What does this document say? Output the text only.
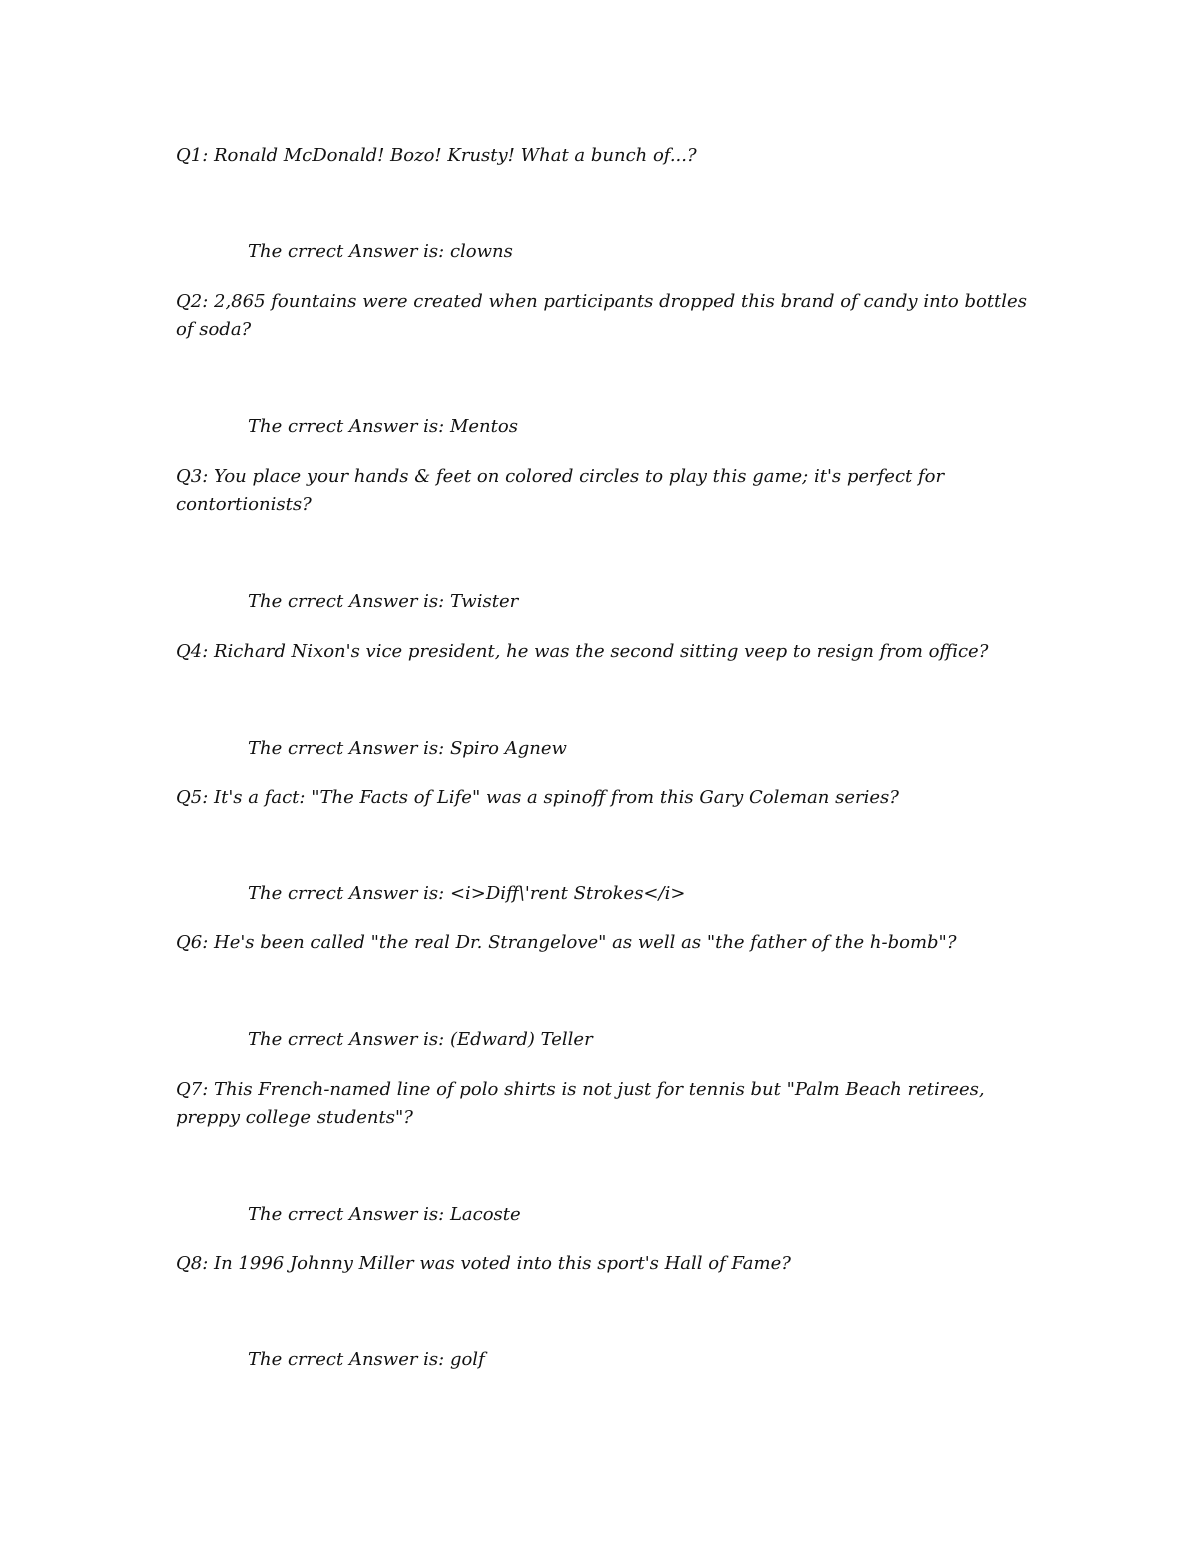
Q1: Ronald McDonald! Bozo! Krusty! What a bunch of...?

The crrect Answer is: clowns

Q2: 2,865 fountains were created when participants dropped this brand of candy into bottles of soda?

The crrect Answer is: Mentos

Q3: You place your hands & feet on colored circles to play this game; it's perfect for contortionists?

The crrect Answer is: Twister

Q4: Richard Nixon's vice president, he was the second sitting veep to resign from office?

The crrect Answer is: Spiro Agnew

Q5: It's a fact: "The Facts of Life" was a spinoff from this Gary Coleman series?

The crrect Answer is: <i>Diff\'rent Strokes</i>

Q6: He's been called "the real Dr. Strangelove" as well as "the father of the h-bomb"?

The crrect Answer is: (Edward) Teller

Q7: This French-named line of polo shirts is not just for tennis but "Palm Beach retirees, preppy college students"?

The crrect Answer is: Lacoste

Q8: In 1996 Johnny Miller was voted into this sport's Hall of Fame?

The crrect Answer is: golf
